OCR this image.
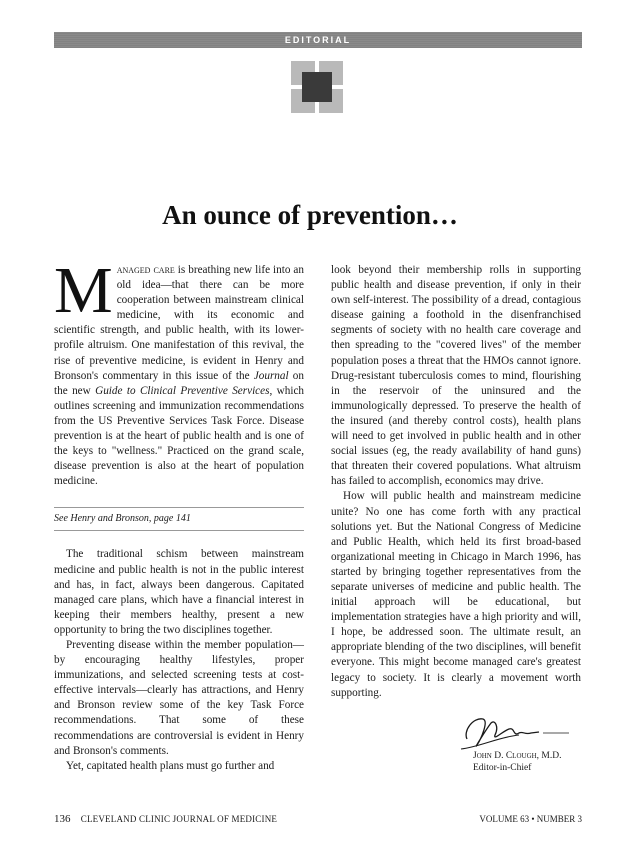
EDITORIAL
An ounce of prevention…

Managed care is breathing new life into an old idea—that there can be more cooperation between mainstream clinical medicine, with its economic and scientific strength, and public health, with its lower-profile altruism. One manifestation of this revival, the rise of preventive medicine, is evident in Henry and Bronson's commentary in this issue of the Journal on the new Guide to Clinical Preventive Services, which outlines screening and immunization recommendations from the US Preventive Services Task Force. Disease prevention is at the heart of public health and is one of the keys to "wellness." Practiced on the grand scale, disease prevention is also at the heart of population medicine.

See Henry and Bronson, page 141

The traditional schism between mainstream medicine and public health is not in the public interest and has, in fact, always been dangerous. Capitated managed care plans, which have a financial interest in keeping their members healthy, present a new opportunity to bring the two disciplines together.

Preventing disease within the member population—by encouraging healthy lifestyles, proper immunizations, and selected screening tests at cost-effective intervals—clearly has attractions, and Henry and Bronson review some of the key Task Force recommendations. That some of these recommendations are controversial is evident in Henry and Bronson's comments.

Yet, capitated health plans must go further and

look beyond their membership rolls in supporting public health and disease prevention, if only in their own self-interest. The possibility of a dread, contagious disease gaining a foothold in the disenfranchised segments of society with no health care coverage and then spreading to the "covered lives" of the member population poses a threat that the HMOs cannot ignore. Drug-resistant tuberculosis comes to mind, flourishing in the reservoir of the uninsured and the immunologically depressed. To preserve the health of the insured (and thereby control costs), health plans will need to get involved in public health and in other social issues (eg, the ready availability of hand guns) that threaten their covered populations. What altruism has failed to accomplish, economics may drive.

How will public health and mainstream medicine unite? No one has come forth with any practical solutions yet. But the National Congress of Medicine and Public Health, which held its first broad-based organizational meeting in Chicago in March 1996, has started by bringing together representatives from the separate universes of medicine and public health. The initial approach will be educational, but implementation strategies have a high priority and will, I hope, be addressed soon. The ultimate result, an appropriate blending of the two disciplines, will benefit everyone. This might become managed care's greatest legacy to society. It is clearly a movement worth supporting.

John D. Clough, M.D.
Editor-in-Chief
136 CLEVELAND CLINIC JOURNAL OF MEDICINE	VOLUME 63 • NUMBER 3
